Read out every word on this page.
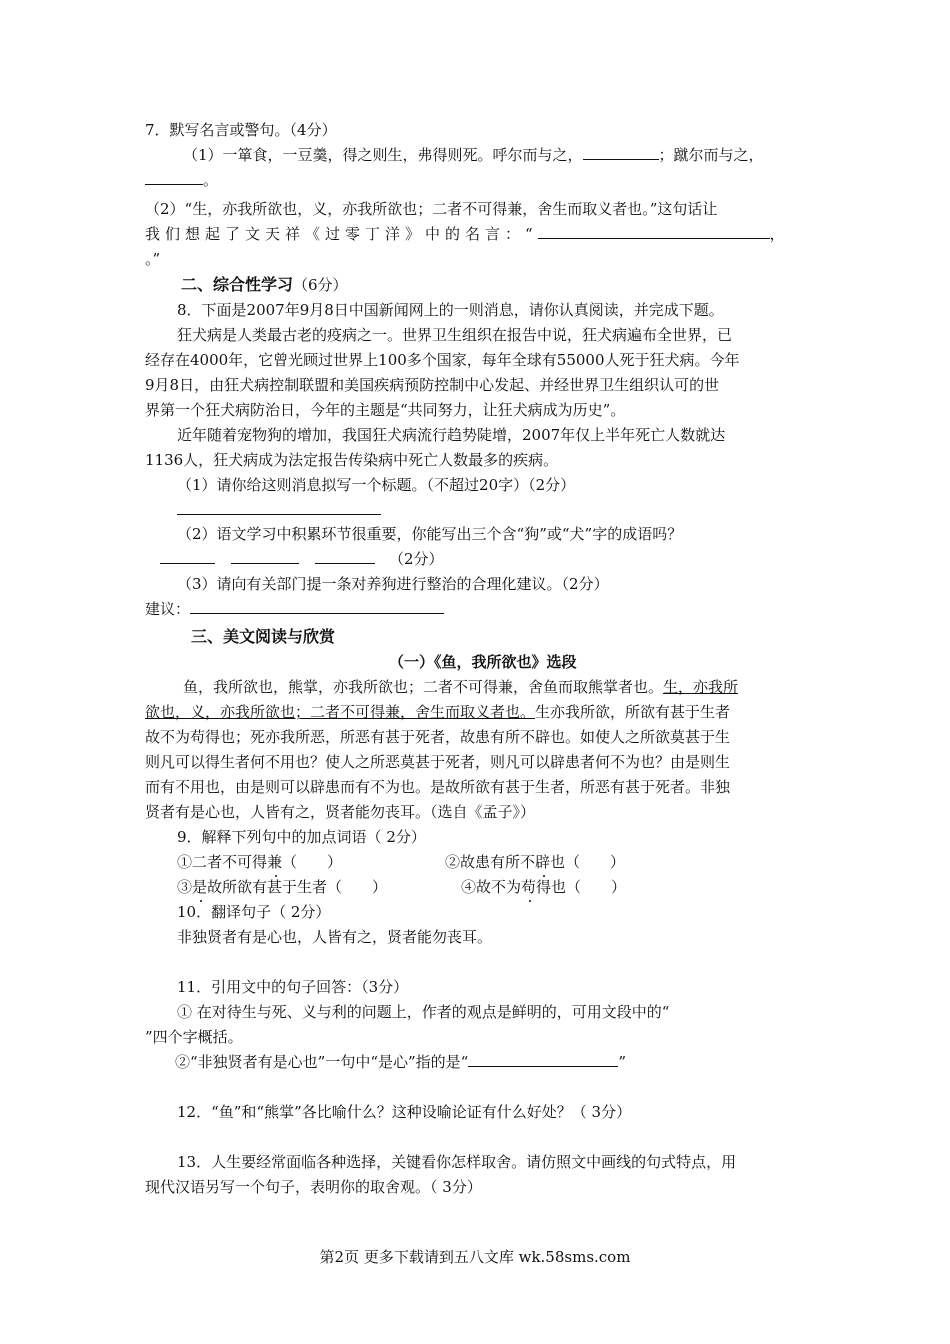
7．默写名言或警句。（4分）

（1）一箪食，一豆羹，得之则生，弗得则死。呼尔而与之，	；蹴尔而与之，

。

（2）“生，亦我所欲也，义，亦我所欲也；二者不可得兼，舍生而取义者也。”这句话让

我们想起了文天祥《过零丁洋》中的名言：“	，

。”

二、综合性学习（6分）

8．下面是2007年9月8日中国新闻网上的一则消息，请你认真阅读，并完成下题。

狂犬病是人类最古老的疫病之一。世界卫生组织在报告中说，狂犬病遍布全世界，已

经存在4000年，它曾光顾过世界上100多个国家，每年全球有55000人死于狂犬病。今年

9月8日，由狂犬病控制联盟和美国疾病预防控制中心发起、并经世界卫生组织认可的世

界第一个狂犬病防治日，今年的主题是“共同努力，让狂犬病成为历史”。

近年随着宠物狗的增加，我国狂犬病流行趋势陡增，2007年仅上半年死亡人数就达

1136人，狂犬病成为法定报告传染病中死亡人数最多的疾病。

（1）请你给这则消息拟写一个标题。（不超过20字）（2分）

（2）语文学习中积累环节很重要，你能写出三个含“狗”或“犬”字的成语吗？

（2分）

（3）请向有关部门提一条对养狗进行整治的合理化建议。（2分）

建议：

三、美文阅读与欣赏

（一）《鱼，我所欲也》选段

鱼，我所欲也，熊掌，亦我所欲也；二者不可得兼，舍鱼而取熊掌者也。生，亦我所

欲也，义，亦我所欲也；二者不可得兼，舍生而取义者也。生亦我所欲，所欲有甚于生者

故不为苟得也；死亦我所恶，所恶有甚于死者，故患有所不辟也。如使人之所欲莫甚于生

则凡可以得生者何不用也？使人之所恶莫甚于死者，则凡可以辟患者何不为也？由是则生

而有不用也，由是则可以辟患而有不为也。是故所欲有甚于生者，所恶有甚于死者。非独

贤者有是心也，人皆有之，贤者能勿丧耳。（选自《孟子》）

9．解释下列句中的加点词语（ 2分）

①二者不可得兼（　　）	②故患有所不辟也（　　）

③是故所欲有甚于生者（　　）	④故不为苟得也（　　）

10．翻译句子（ 2分）

非独贤者有是心也，人皆有之，贤者能勿丧耳。

11．引用文中的句子回答：（3分）

① 在对待生与死、义与利的问题上，作者的观点是鲜明的，可用文段中的“

”四个字概括。

②“非独贤者有是心也”一句中“是心”指的是“	”

12．“鱼”和“熊掌”各比喻什么？这种设喻论证有什么好处？（ 3分）

13．人生要经常面临各种选择，关键看你怎样取舍。请仿照文中画线的句式特点，用

现代汉语另写一个句子，表明你的取舍观。（ 3分）

第2页 更多下载请到五八文库 wk.58sms.com
